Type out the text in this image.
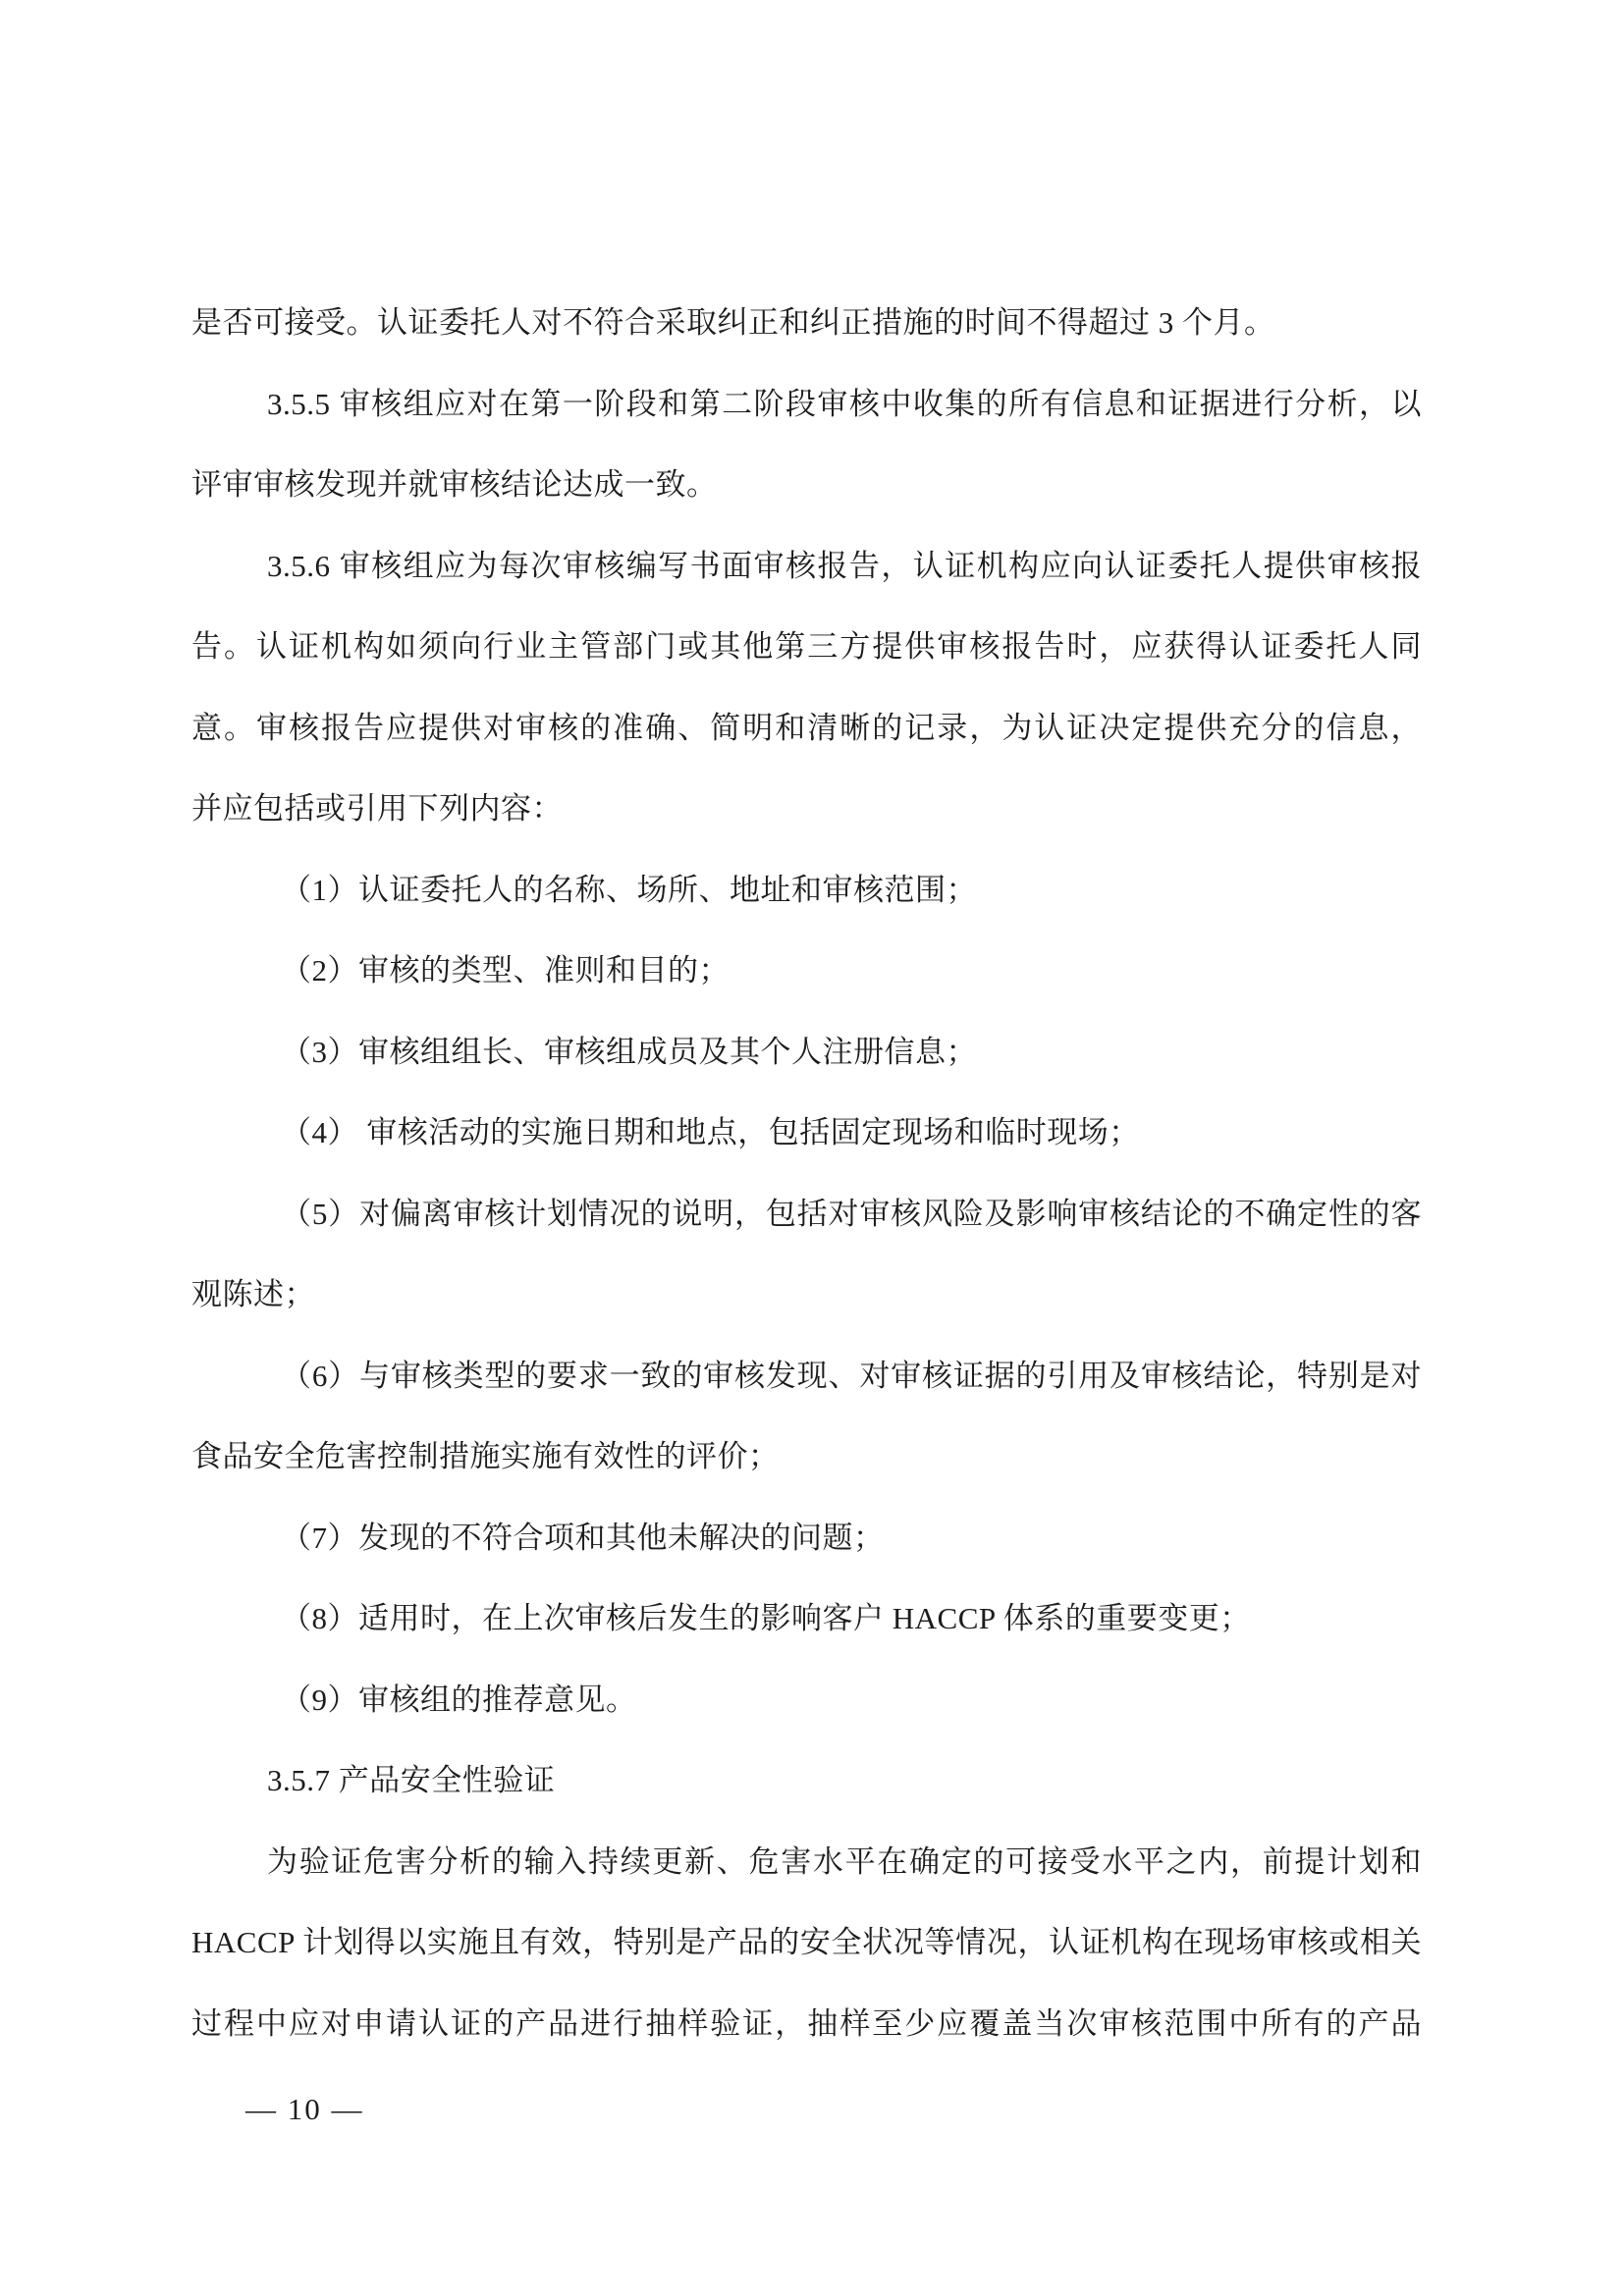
是否可接受。认证委托人对不符合采取纠正和纠正措施的时间不得超过 3 个月。
3.5.5 审核组应对在第一阶段和第二阶段审核中收集的所有信息和证据进行分析，以
评审审核发现并就审核结论达成一致。
3.5.6 审核组应为每次审核编写书面审核报告，认证机构应向认证委托人提供审核报
告。认证机构如须向行业主管部门或其他第三方提供审核报告时，应获得认证委托人同
意。审核报告应提供对审核的准确、简明和清晰的记录，为认证决定提供充分的信息，
并应包括或引用下列内容：
（1）认证委托人的名称、场所、地址和审核范围；
（2）审核的类型、准则和目的；
（3）审核组组长、审核组成员及其个人注册信息；
（4） 审核活动的实施日期和地点，包括固定现场和临时现场；
（5）对偏离审核计划情况的说明，包括对审核风险及影响审核结论的不确定性的客
观陈述；
（6）与审核类型的要求一致的审核发现、对审核证据的引用及审核结论，特别是对
食品安全危害控制措施实施有效性的评价；
（7）发现的不符合项和其他未解决的问题；
（8）适用时，在上次审核后发生的影响客户 HACCP 体系的重要变更；
（9）审核组的推荐意见。
3.5.7 产品安全性验证
为验证危害分析的输入持续更新、危害水平在确定的可接受水平之内，前提计划和
HACCP 计划得以实施且有效，特别是产品的安全状况等情况，认证机构在现场审核或相关
过程中应对申请认证的产品进行抽样验证，抽样至少应覆盖当次审核范围中所有的产品
— 10 —
